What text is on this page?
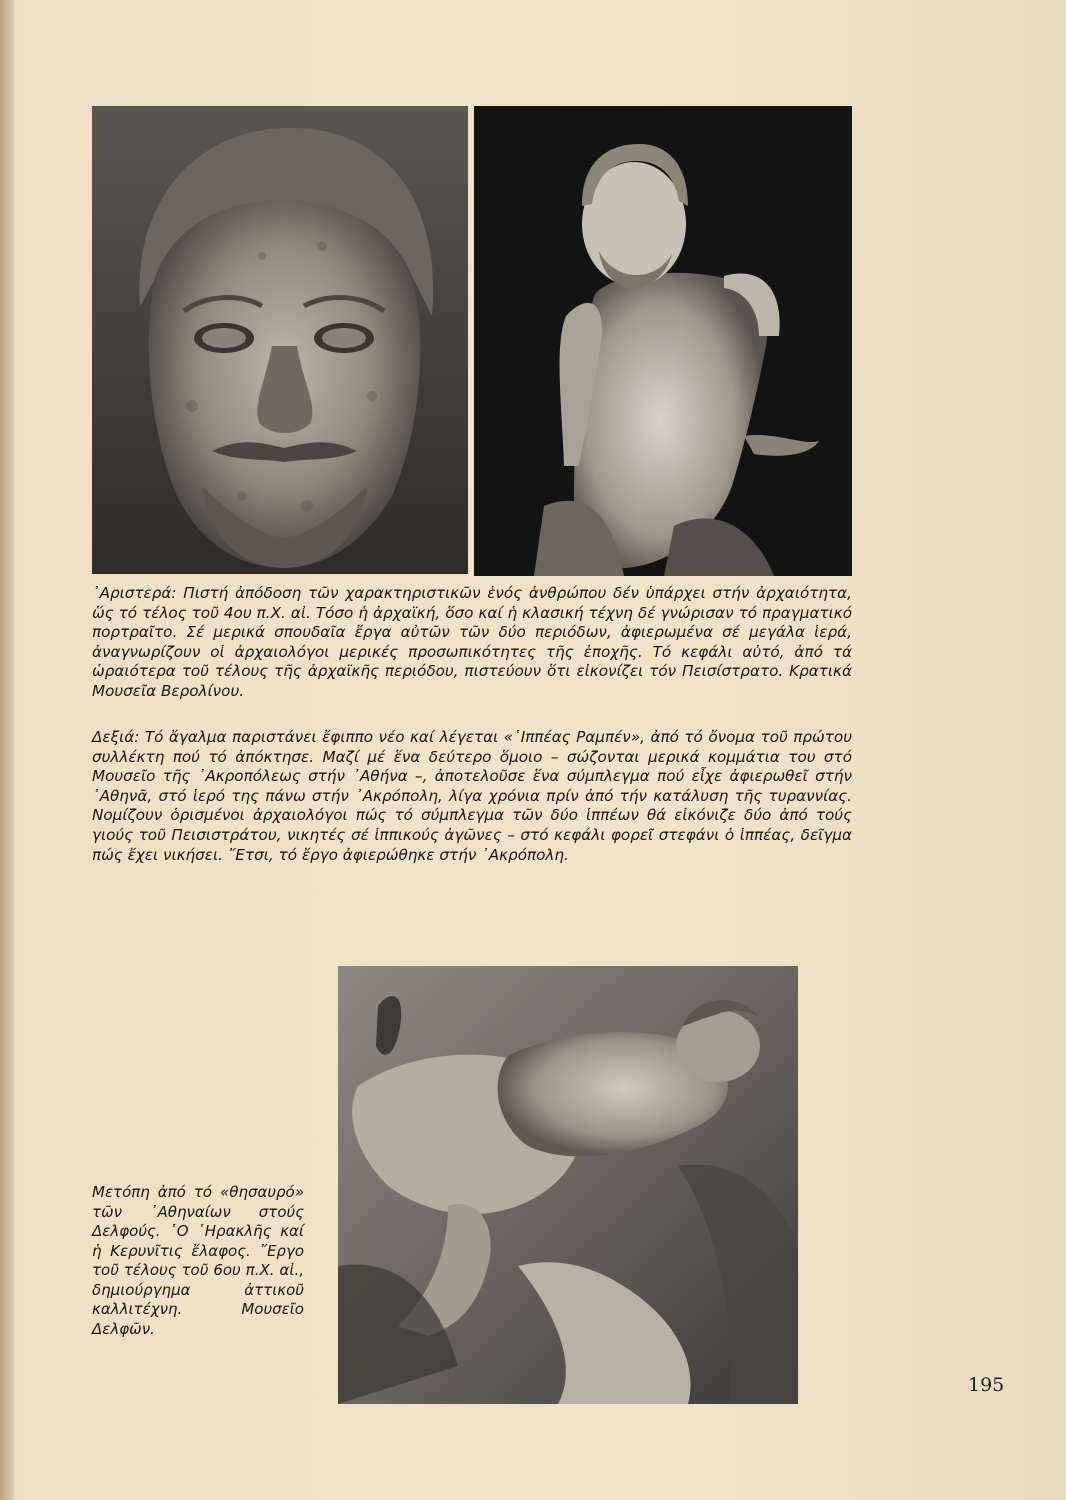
᾿Αριστερά: Πιστή ἀπόδοση τῶν χαρακτηριστικῶν ἑνός ἀνθρώπου δέν ὑπάρχει στήν ἀρχαιότητα, ὥς τό τέλος τοῦ 4ου π.Χ. αἰ. Τόσο ἡ ἀρχαϊκή, ὅσο καί ἡ κλασική τέχνη δέ γνώρισαν τό πραγματικό πορτραῖτο. Σέ μερικά σπουδαῖα ἔργα αὐτῶν τῶν δύο περιόδων, ἀφιερωμένα σέ μεγάλα ἱερά, ἀναγνωρίζουν οἱ ἀρχαιολόγοι μερικές προσωπικότητες τῆς ἐποχῆς. Τό κεφάλι αὐτό, ἀπό τά ὡραιότερα τοῦ τέλους τῆς ἀρχαϊκῆς περιόδου, πιστεύουν ὅτι εἰκονίζει τόν Πεισίστρατο. Κρατικά Μουσεῖα Βερολίνου.
Δεξιά: Τό ἄγαλμα παριστάνει ἔφιππο νέο καί λέγεται «῾Ιππέας Ραμπέν», ἀπό τό ὄνομα τοῦ πρώτου συλλέκτη πού τό ἀπόκτησε. Μαζί μέ ἕνα δεύτερο ὅμοιο – σώζονται μερικά κομμάτια του στό Μουσεῖο τῆς ᾿Ακροπόλεως στήν ᾿Αθήνα –, ἀποτελοῦσε ἕνα σύμπλεγμα πού εἶχε ἀφιερωθεῖ στήν ᾿Αθηνᾶ, στό ἱερό της πάνω στήν ᾿Ακρόπολη, λίγα χρόνια πρίν ἀπό τήν κατάλυση τῆς τυραννίας. Νομίζουν ὁρισμένοι ἀρχαιολόγοι πώς τό σύμπλεγμα τῶν δύο ἱππέων θά εἰκόνιζε δύο ἀπό τούς γιούς τοῦ Πεισιστράτου, νικητές σέ ἱππικούς ἀγῶνες – στό κεφάλι φορεῖ στεφάνι ὁ ἱππέας, δεῖγμα πώς ἔχει νικήσει. ῎Ετσι, τό ἔργο ἀφιερώθηκε στήν ᾿Ακρόπολη.
Μετόπη ἀπό τό «θησαυρό» τῶν ᾿Αθηναίων στούς Δελφούς. ῾Ο ῾Ηρακλῆς καί ἡ Κερυνῖτις ἔλαφος. ῎Εργο τοῦ τέλους τοῦ 6ου π.Χ. αἰ., δημιούργημα ἀττικοῦ καλλιτέχνη. Μουσεῖο Δελφῶν.
195
